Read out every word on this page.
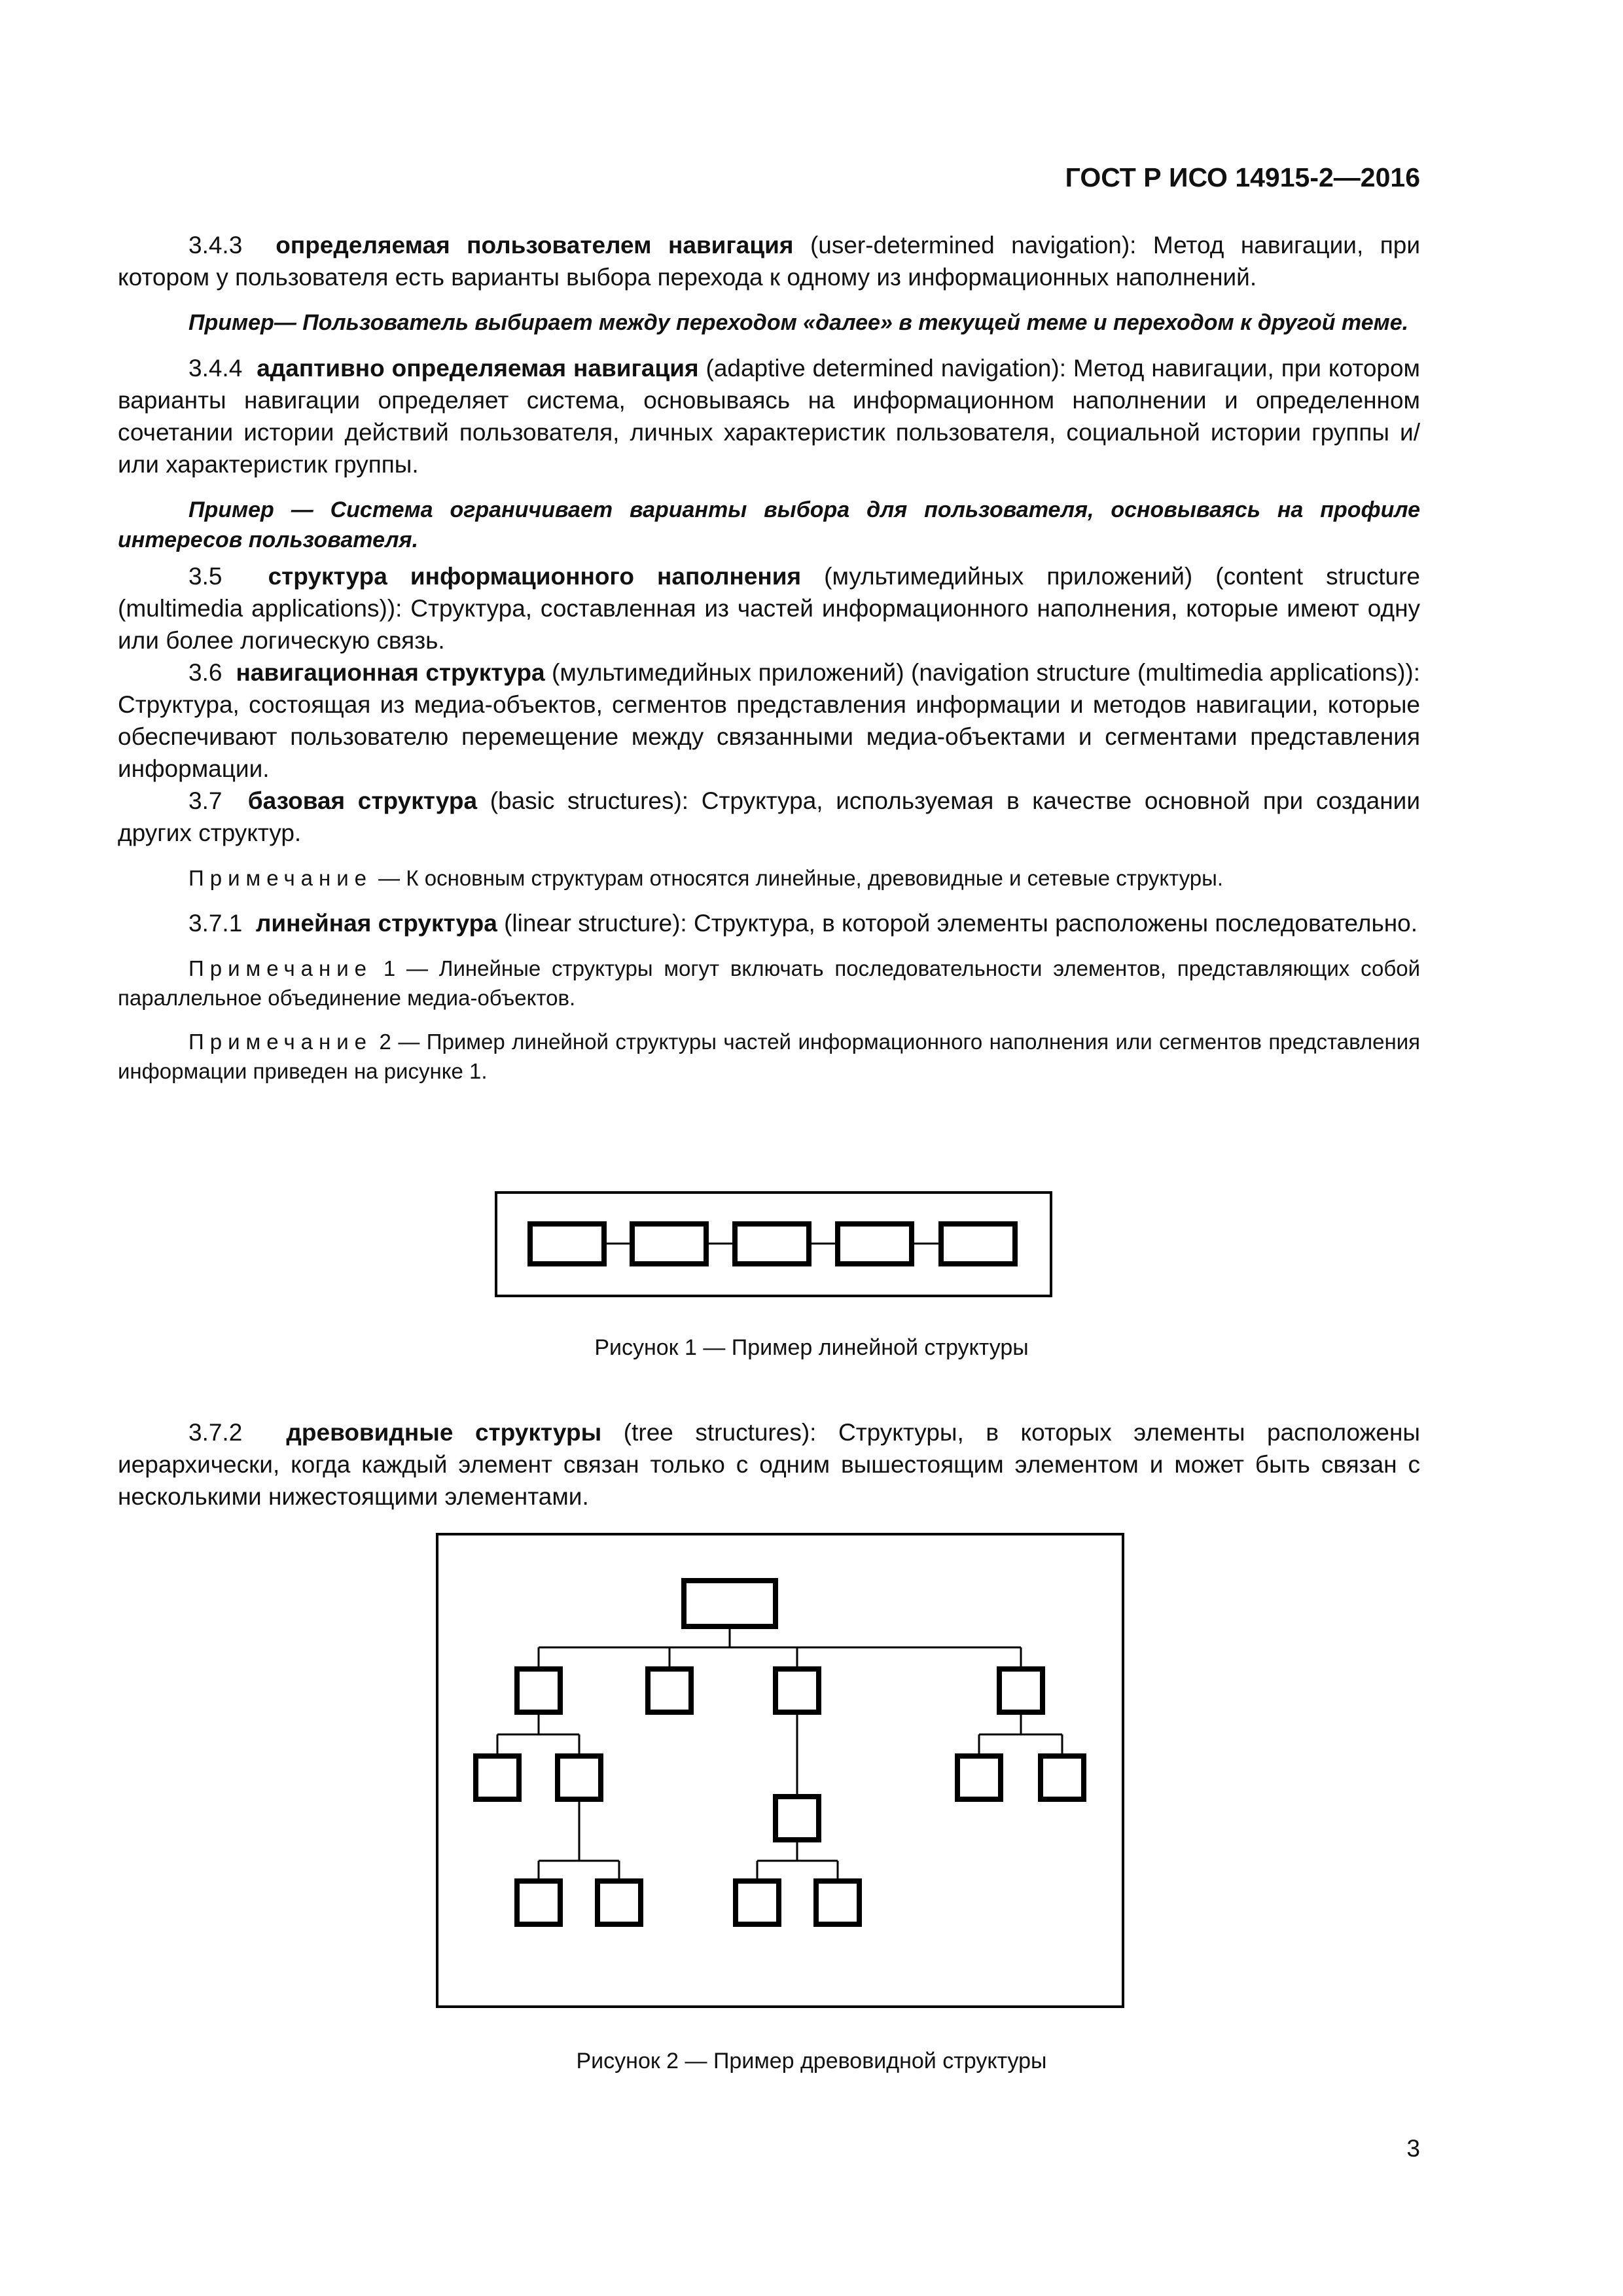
ГОСТ Р ИСО 14915-2—2016

3.4.3 определяемая пользователем навигация (user-determined navigation): Метод навигации, при котором у пользователя есть варианты выбора перехода к одному из информационных наполнений.

Пример— Пользователь выбирает между переходом «далее» в текущей теме и переходом к другой теме.

3.4.4 адаптивно определяемая навигация (adaptive determined navigation): Метод навигации, при котором варианты навигации определяет система, основываясь на информационном наполнении и определенном сочетании истории действий пользователя, личных характеристик пользователя, социальной истории группы и/или характеристик группы.

Пример — Система ограничивает варианты выбора для пользователя, основываясь на профиле интересов пользователя.

3.5 структура информационного наполнения (мультимедийных приложений) (content structure (multimedia applications)): Структура, составленная из частей информационного наполнения, которые имеют одну или более логическую связь.

3.6 навигационная структура (мультимедийных приложений) (navigation structure (multimedia applications)): Структура, состоящая из медиа-объектов, сегментов представления информации и методов навигации, которые обеспечивают пользователю перемещение между связанными медиа-объектами и сегментами представления информации.

3.7 базовая структура (basic structures): Структура, используемая в качестве основной при создании других структур.

Примечание — К основным структурам относятся линейные, древовидные и сетевые структуры.

3.7.1 линейная структура (linear structure): Структура, в которой элементы расположены последовательно.

Примечание 1 — Линейные структуры могут включать последовательности элементов, представляющих собой параллельное объединение медиа-объектов.

Примечание 2 — Пример линейной структуры частей информационного наполнения или сегментов представления информации приведен на рисунке 1.

Рисунок 1 — Пример линейной структуры

3.7.2 древовидные структуры (tree structures): Структуры, в которых элементы расположены иерархически, когда каждый элемент связан только с одним вышестоящим элементом и может быть связан с несколькими нижестоящими элементами.

Рисунок 2 — Пример древовидной структуры
3
